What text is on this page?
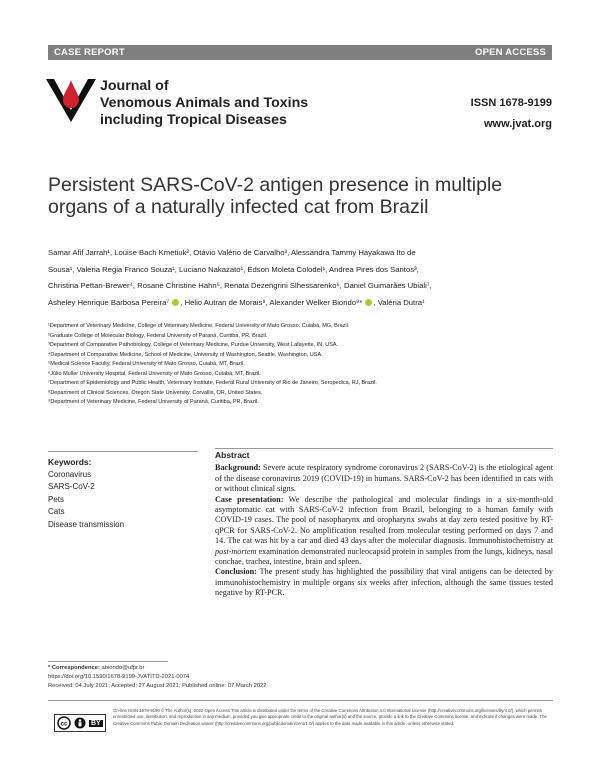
CASE REPORT	OPEN ACCESS
Journal of
Venomous Animals and Toxins
including Tropical Diseases
ISSN 1678-9199
www.jvat.org
Persistent SARS-CoV-2 antigen presence in multiple organs of a naturally infected cat from Brazil
Samar Afif Jarrah¹, Louise Bach Kmetiuk², Otávio Valério de Carvalho³, Alessandra Tammy Hayakawa Ito de
Sousa¹, Valeria Regia Franco Souza¹, Luciano Nakazato¹, Edson Moleta Colodel¹, Andrea Pires dos Santos³,
Christina Pettan-Brewer⁴, Rosane Christine Hahn⁵, Renata Dezengrini Slhessarenko⁶, Daniel Guimarães Ubiali⁷,
Asheley Henrique Barbosa Pereira⁷ , Helio Autran de Morais⁸, Alexander Welker Biondo⁹* , Valéria Dutra¹
¹Department of Veterinary Medicine, College of Veterinary Medicine, Federal University of Mato Grosso, Cuiabá, MG, Brazil.
²Graduate College of Molecular Biology, Federal University of Paraná, Curitiba, PR, Brazil.
³Department of Comparative Pathobiology, College of Veterinary Medicine, Purdue University, West Lafayette, IN, USA.
⁴Department of Comparative Medicine, School of Medicine, University of Washington, Seattle, Washington, USA.
⁵Medical Science Faculty, Federal University of Mato Grosso, Cuiabá, MT, Brazil.
⁶Júlio Muller University Hospital, Federal University of Mato Grosso, Cuiabá, MT, Brazil.
⁷Department of Epidemiology and Public Health, Veterinary Institute, Federal Rural University of Rio de Janeiro, Seropedica, RJ, Brazil.
⁸Department of Clinical Sciences, Oregon State University, Corvallis, OR, United States.
⁹Department of Veterinary Medicine, Federal University of Paraná, Curitiba, PR, Brazil.
Keywords:
Coronavirus
SARS-CoV-2
Pets
Cats
Disease transmission
Abstract

Background: Severe acute respiratory syndrome coronavirus 2 (SARS-CoV-2) is the etiological agent of the disease coronavirus 2019 (COVID-19) in humans. SARS-CoV-2 has been identified in cats with or without clinical signs.

Case presentation: We describe the pathological and molecular findings in a six-month-old asymptomatic cat with SARS-CoV-2 infection from Brazil, belonging to a human family with COVID-19 cases. The pool of nasopharynx and oropharynx swabs at day zero tested positive by RT-qPCR for SARS-CoV-2. No amplification resulted from molecular testing performed on days 7 and 14. The cat was hit by a car and died 43 days after the molecular diagnosis. Immunohistochemistry at post-mortem examination demonstrated nucleocapsid protein in samples from the lungs, kidneys, nasal conchae, trachea, intestine, brain and spleen.

Conclusion: The present study has highlighted the possibility that viral antigens can be detected by immunohistochemistry in multiple organs six weeks after infection, although the same tissues tested negative by RT-PCR.

* Correspondence: abiondo@ufpr.br
https://doi.org/10.1590/1678-9199-JVATITD-2021-0074
Received: 04 July 2021; Accepted: 27 August 2021; Published online: 07 March 2022
cc	BY
On-line ISSN 1678-9199 © The Author(s). 2022 Open Access This article is distributed under the terms of the Creative Commons Attribution 4.0 International License (http://creativecommons.org/licenses/by/4.0/), which permits unrestricted use, distribution, and reproduction in any medium, provided you give appropriate credit to the original author(s) and the source, provide a link to the Creative Commons license, and indicate if changes were made. The Creative Commons Public Domain Dedication waiver (http://creativecommons.org/publicdomain/zero/1.0/) applies to the data made available in this article, unless otherwise stated.
